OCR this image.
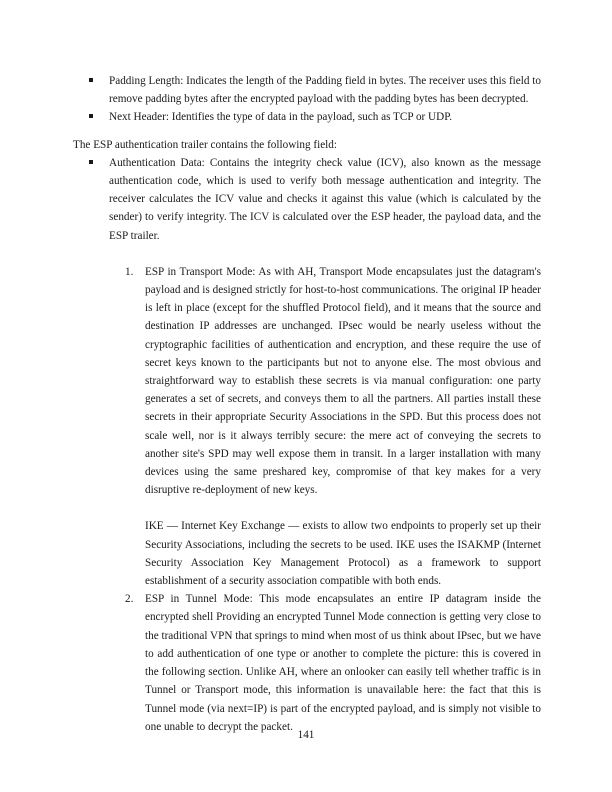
Padding Length: Indicates the length of the Padding field in bytes. The receiver uses this field to remove padding bytes after the encrypted payload with the padding bytes has been decrypted.

Next Header: Identifies the type of data in the payload, such as TCP or UDP.

The ESP authentication trailer contains the following field:

Authentication Data: Contains the integrity check value (ICV), also known as the message authentication code, which is used to verify both message authentication and integrity. The receiver calculates the ICV value and checks it against this value (which is calculated by the sender) to verify integrity. The ICV is calculated over the ESP header, the payload data, and the ESP trailer.

1. ESP in Transport Mode: As with AH, Transport Mode encapsulates just the datagram's payload and is designed strictly for host-to-host communications. The original IP header is left in place (except for the shuffled Protocol field), and it means that the source and destination IP addresses are unchanged. IPsec would be nearly useless without the cryptographic facilities of authentication and encryption, and these require the use of secret keys known to the participants but not to anyone else. The most obvious and straightforward way to establish these secrets is via manual configuration: one party generates a set of secrets, and conveys them to all the partners. All parties install these secrets in their appropriate Security Associations in the SPD. But this process does not scale well, nor is it always terribly secure: the mere act of conveying the secrets to another site's SPD may well expose them in transit. In a larger installation with many devices using the same preshared key, compromise of that key makes for a very disruptive re-deployment of new keys.

IKE — Internet Key Exchange — exists to allow two endpoints to properly set up their Security Associations, including the secrets to be used. IKE uses the ISAKMP (Internet Security Association Key Management Protocol) as a framework to support establishment of a security association compatible with both ends.

2. ESP in Tunnel Mode: This mode encapsulates an entire IP datagram inside the encrypted shell Providing an encrypted Tunnel Mode connection is getting very close to the traditional VPN that springs to mind when most of us think about IPsec, but we have to add authentication of one type or another to complete the picture: this is covered in the following section. Unlike AH, where an onlooker can easily tell whether traffic is in Tunnel or Transport mode, this information is unavailable here: the fact that this is Tunnel mode (via next=IP) is part of the encrypted payload, and is simply not visible to one unable to decrypt the packet.

141
